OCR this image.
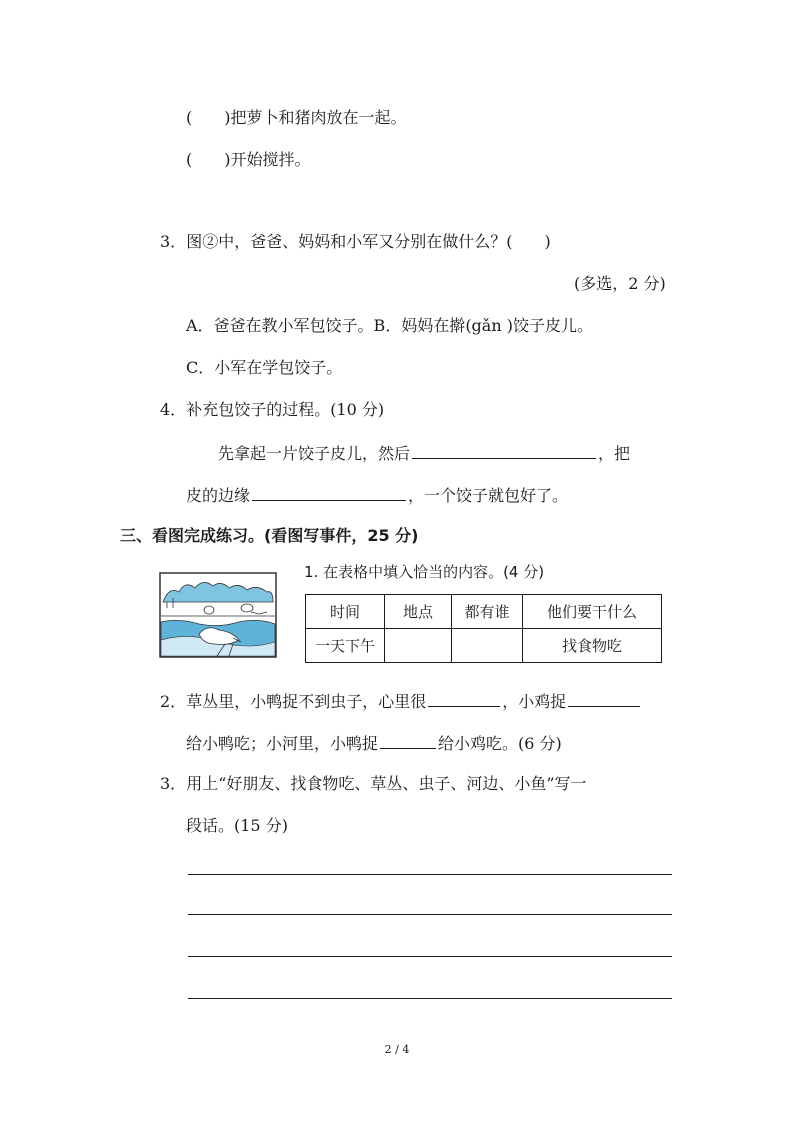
( )把萝卜和猪肉放在一起。
( )开始搅拌。
3．图②中，爸爸、妈妈和小军又分别在做什么？( )
(多选，2 分)
A．爸爸在教小军包饺子。B．妈妈在擀(gǎn )饺子皮儿。
C．小军在学包饺子。
4．补充包饺子的过程。(10 分)
先拿起一片饺子皮儿，然后	，把
皮的边缘	，一个饺子就包好了。
三、看图完成练习。(看图写事件，25 分)
1. 在表格中填入恰当的内容。(4 分)
时间	地点	都有谁	他们要干什么
一天下午			找食物吃
2．草丛里，小鸭捉不到虫子，心里很	，小鸡捉
给小鸭吃；小河里，小鸭捉	给小鸡吃。(6 分)
3．用上“好朋友、找食物吃、草丛、虫子、河边、小鱼”写一
段话。(15 分)
2 / 4
